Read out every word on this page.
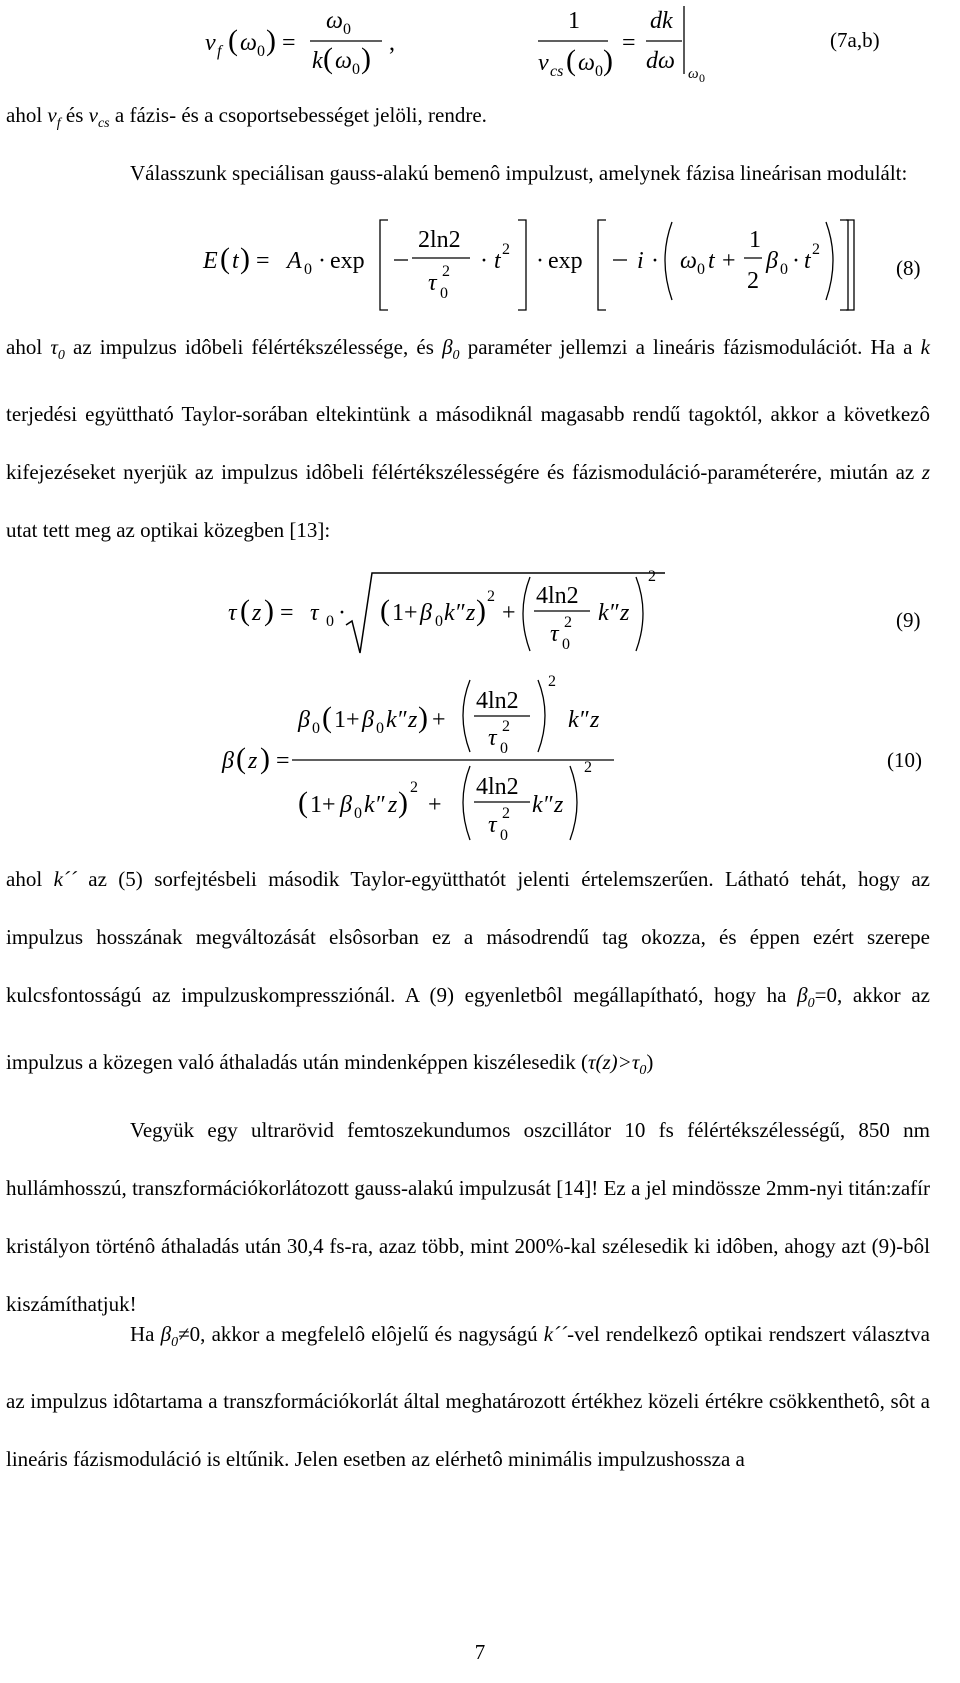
v f ( ω 0 ) =
ω 0
k ( ω 0 ) ,
1
v cs ( ω 0 )
=
dk
dω ω 0
(7a,b)

ahol $v_f$ és $v_{cs}$ a fázis- és a csoportsebességet jelöli, rendre.

Válasszunk speciálisan gauss-alakú bemenô impulzust, amelynek fázisa lineárisan modulált:

E ( t ) = A 0 · exp
2ln2
τ 2
0
· t 2 · exp i · ω 0 t +
1
2
β 0 · t 2
(8)

ahol $\tau_0$ az impulzus idôbeli félértékszélessége, és $\beta_0$ paraméter jellemzi a lineáris fázismodulációt. Ha a k terjedési együttható Taylor-sorában eltekintünk a másodiknál magasabb rendű tagoktól, akkor a következô kifejezéseket nyerjük az impulzus idôbeli félértékszélességére és fázismoduláció-paraméterére, miután az z utat tett meg az optikai közegben [13]:

τ ( z ) = τ 0 · ( 1+ β 0 k ″ z ) 2
+
4ln2
τ 2
0
k ″ z
2
(9)
β ( z ) =
β 0 ( 1+ β 0 k ″ z ) +
4ln2
τ 2
0
2
k ″ z
( 1+ β 0 k ″ z ) 2
+
4ln2
τ 2
0
k ″ z
2	(10)

ahol k´´ az (5) sorfejtésbeli második Taylor-együtthatót jelenti értelemszerűen. Látható tehát, hogy az impulzus hosszának megváltozását elsôsorban ez a másodrendű tag okozza, és éppen ezért szerepe kulcsfontosságú az impulzuskompressziónál. A (9) egyenletbôl megállapítható, hogy ha $\beta_0=0$, akkor az impulzus a közegen való áthaladás után mindenképpen kiszélesedik $(\tau(z)>\tau_0)$

Vegyük egy ultrarövid femtoszekundumos oszcillátor 10 fs félértékszélességű, 850 nm hullámhosszú, transzformációkorlátozott gauss-alakú impulzusát [14]! Ez a jel mindössze 2mm-nyi titán:zafír kristályon történô áthaladás után 30,4 fs-ra, azaz több, mint 200%-kal szélesedik ki idôben, ahogy azt (9)-bôl kiszámíthatjuk!

Ha $\beta_0\ne 0$, akkor a megfelelô elôjelű és nagyságú k´´-vel rendelkezô optikai rendszert választva az impulzus idôtartama a transzformációkorlát által meghatározott értékhez közeli értékre csökkenthetô, sôt a lineáris fázismoduláció is eltűnik. Jelen esetben az elérhetô minimális impulzushossza a

7
